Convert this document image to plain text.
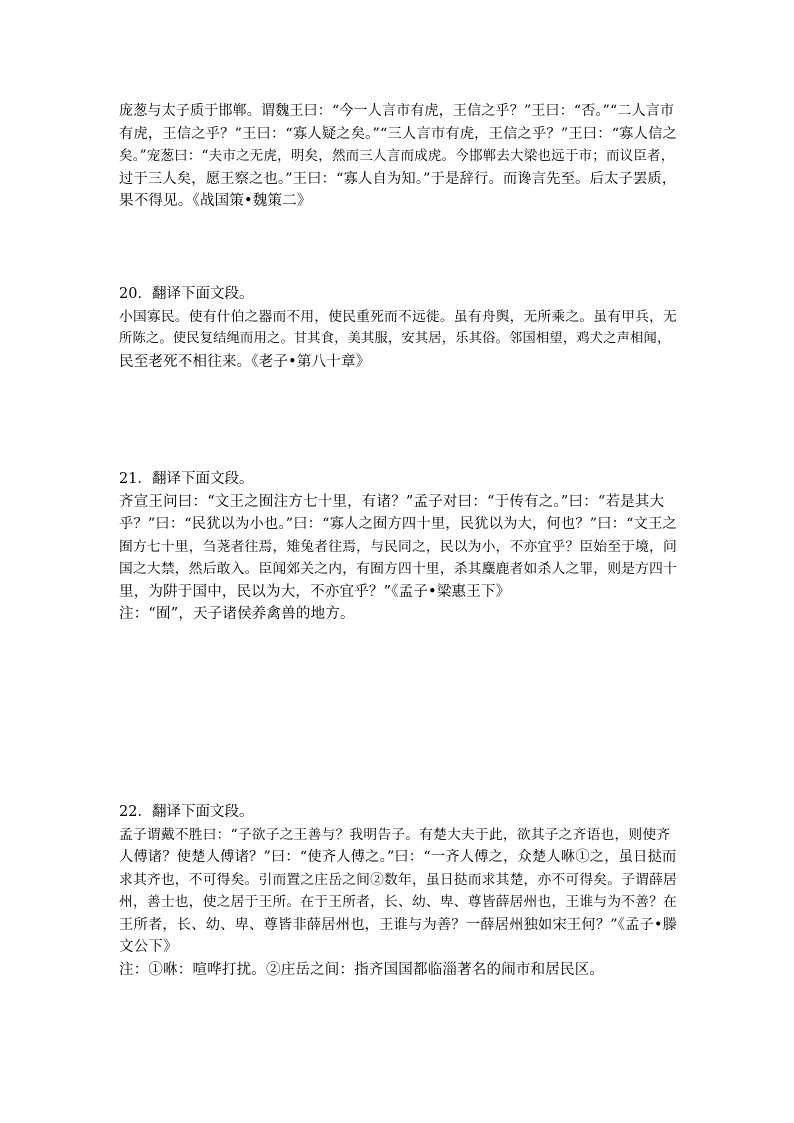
庞葱与太子质于邯郸。谓魏王曰：“今一人言市有虎，王信之乎？”王曰：“否。”“二人言市
有虎，王信之乎？”王曰：“寡人疑之矣。”“三人言市有虎，王信之乎？”王曰：“寡人信之
矣。”宠葱曰：“夫市之无虎，明矣，然而三人言而成虎。今邯郸去大梁也远于市；而议臣者，
过于三人矣，愿王察之也。”王曰：“寡人自为知。”于是辞行。而谗言先至。后太子罢质，
果不得见。《战国策•魏策二》
20．翻译下面文段。
小国寡民。使有什伯之器而不用，使民重死而不远徙。虽有舟舆，无所乘之。虽有甲兵，无
所陈之。使民复结绳而用之。甘其食，美其服，安其居，乐其俗。邻国相望，鸡犬之声相闻，
民至老死不相往来。《老子•第八十章》
21．翻译下面文段。
齐宣王问曰：“文王之囿注方七十里，有诸？”孟子对曰：“于传有之。”曰：“若是其大
乎？”曰：“民犹以为小也。”曰：“寡人之囿方四十里，民犹以为大，何也？”曰：“文王之
囿方七十里，刍荛者往焉，雉兔者往焉，与民同之，民以为小，不亦宜乎？臣始至于境，问
国之大禁，然后敢入。臣闻郊关之内，有囿方四十里，杀其麋鹿者如杀人之罪，则是方四十
里，为阱于国中，民以为大，不亦宜乎？”《孟子•梁惠王下》
注：“囿”，天子诸侯养禽兽的地方。
22．翻译下面文段。
孟子谓戴不胜曰：“子欲子之王善与？我明告子。有楚大夫于此，欲其子之齐语也，则使齐
人傅诸？使楚人傅诸？”曰：“使齐人傅之。”曰：“一齐人傅之，众楚人咻①之，虽日挞而
求其齐也，不可得矣。引而置之庄岳之间②数年，虽日挞而求其楚，亦不可得矣。子谓薛居
州，善士也，使之居于王所。在于王所者，长、幼、卑、尊皆薛居州也，王谁与为不善？在
王所者，长、幼、卑、尊皆非薛居州也，王谁与为善？一薛居州独如宋王何？”《孟子•滕
文公下》
注：①咻：喧哗打扰。②庄岳之间：指齐国国都临淄著名的闹市和居民区。
